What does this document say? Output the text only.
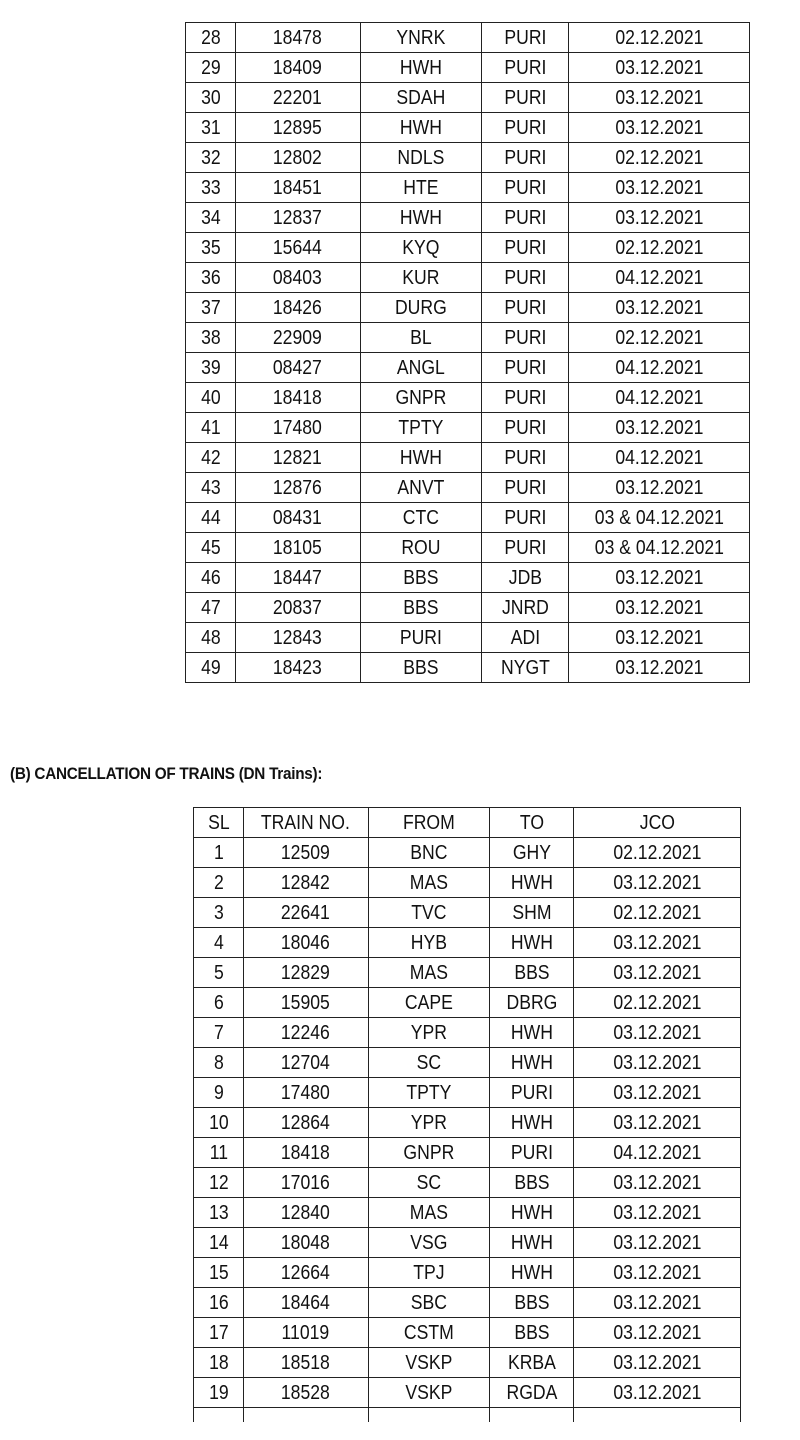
28	18478	YNRK	PURI	02.12.2021
29	18409	HWH	PURI	03.12.2021
30	22201	SDAH	PURI	03.12.2021
31	12895	HWH	PURI	03.12.2021
32	12802	NDLS	PURI	02.12.2021
33	18451	HTE	PURI	03.12.2021
34	12837	HWH	PURI	03.12.2021
35	15644	KYQ	PURI	02.12.2021
36	08403	KUR	PURI	04.12.2021
37	18426	DURG	PURI	03.12.2021
38	22909	BL	PURI	02.12.2021
39	08427	ANGL	PURI	04.12.2021
40	18418	GNPR	PURI	04.12.2021
41	17480	TPTY	PURI	03.12.2021
42	12821	HWH	PURI	04.12.2021
43	12876	ANVT	PURI	03.12.2021
44	08431	CTC	PURI	03 & 04.12.2021
45	18105	ROU	PURI	03 & 04.12.2021
46	18447	BBS	JDB	03.12.2021
47	20837	BBS	JNRD	03.12.2021
48	12843	PURI	ADI	03.12.2021
49	18423	BBS	NYGT	03.12.2021
(B) CANCELLATION OF TRAINS (DN Trains):
SL	TRAIN NO.	FROM	TO	JCO
1	12509	BNC	GHY	02.12.2021
2	12842	MAS	HWH	03.12.2021
3	22641	TVC	SHM	02.12.2021
4	18046	HYB	HWH	03.12.2021
5	12829	MAS	BBS	03.12.2021
6	15905	CAPE	DBRG	02.12.2021
7	12246	YPR	HWH	03.12.2021
8	12704	SC	HWH	03.12.2021
9	17480	TPTY	PURI	03.12.2021
10	12864	YPR	HWH	03.12.2021
11	18418	GNPR	PURI	04.12.2021
12	17016	SC	BBS	03.12.2021
13	12840	MAS	HWH	03.12.2021
14	18048	VSG	HWH	03.12.2021
15	12664	TPJ	HWH	03.12.2021
16	18464	SBC	BBS	03.12.2021
17	11019	CSTM	BBS	03.12.2021
18	18518	VSKP	KRBA	03.12.2021
19	18528	VSKP	RGDA	03.12.2021
